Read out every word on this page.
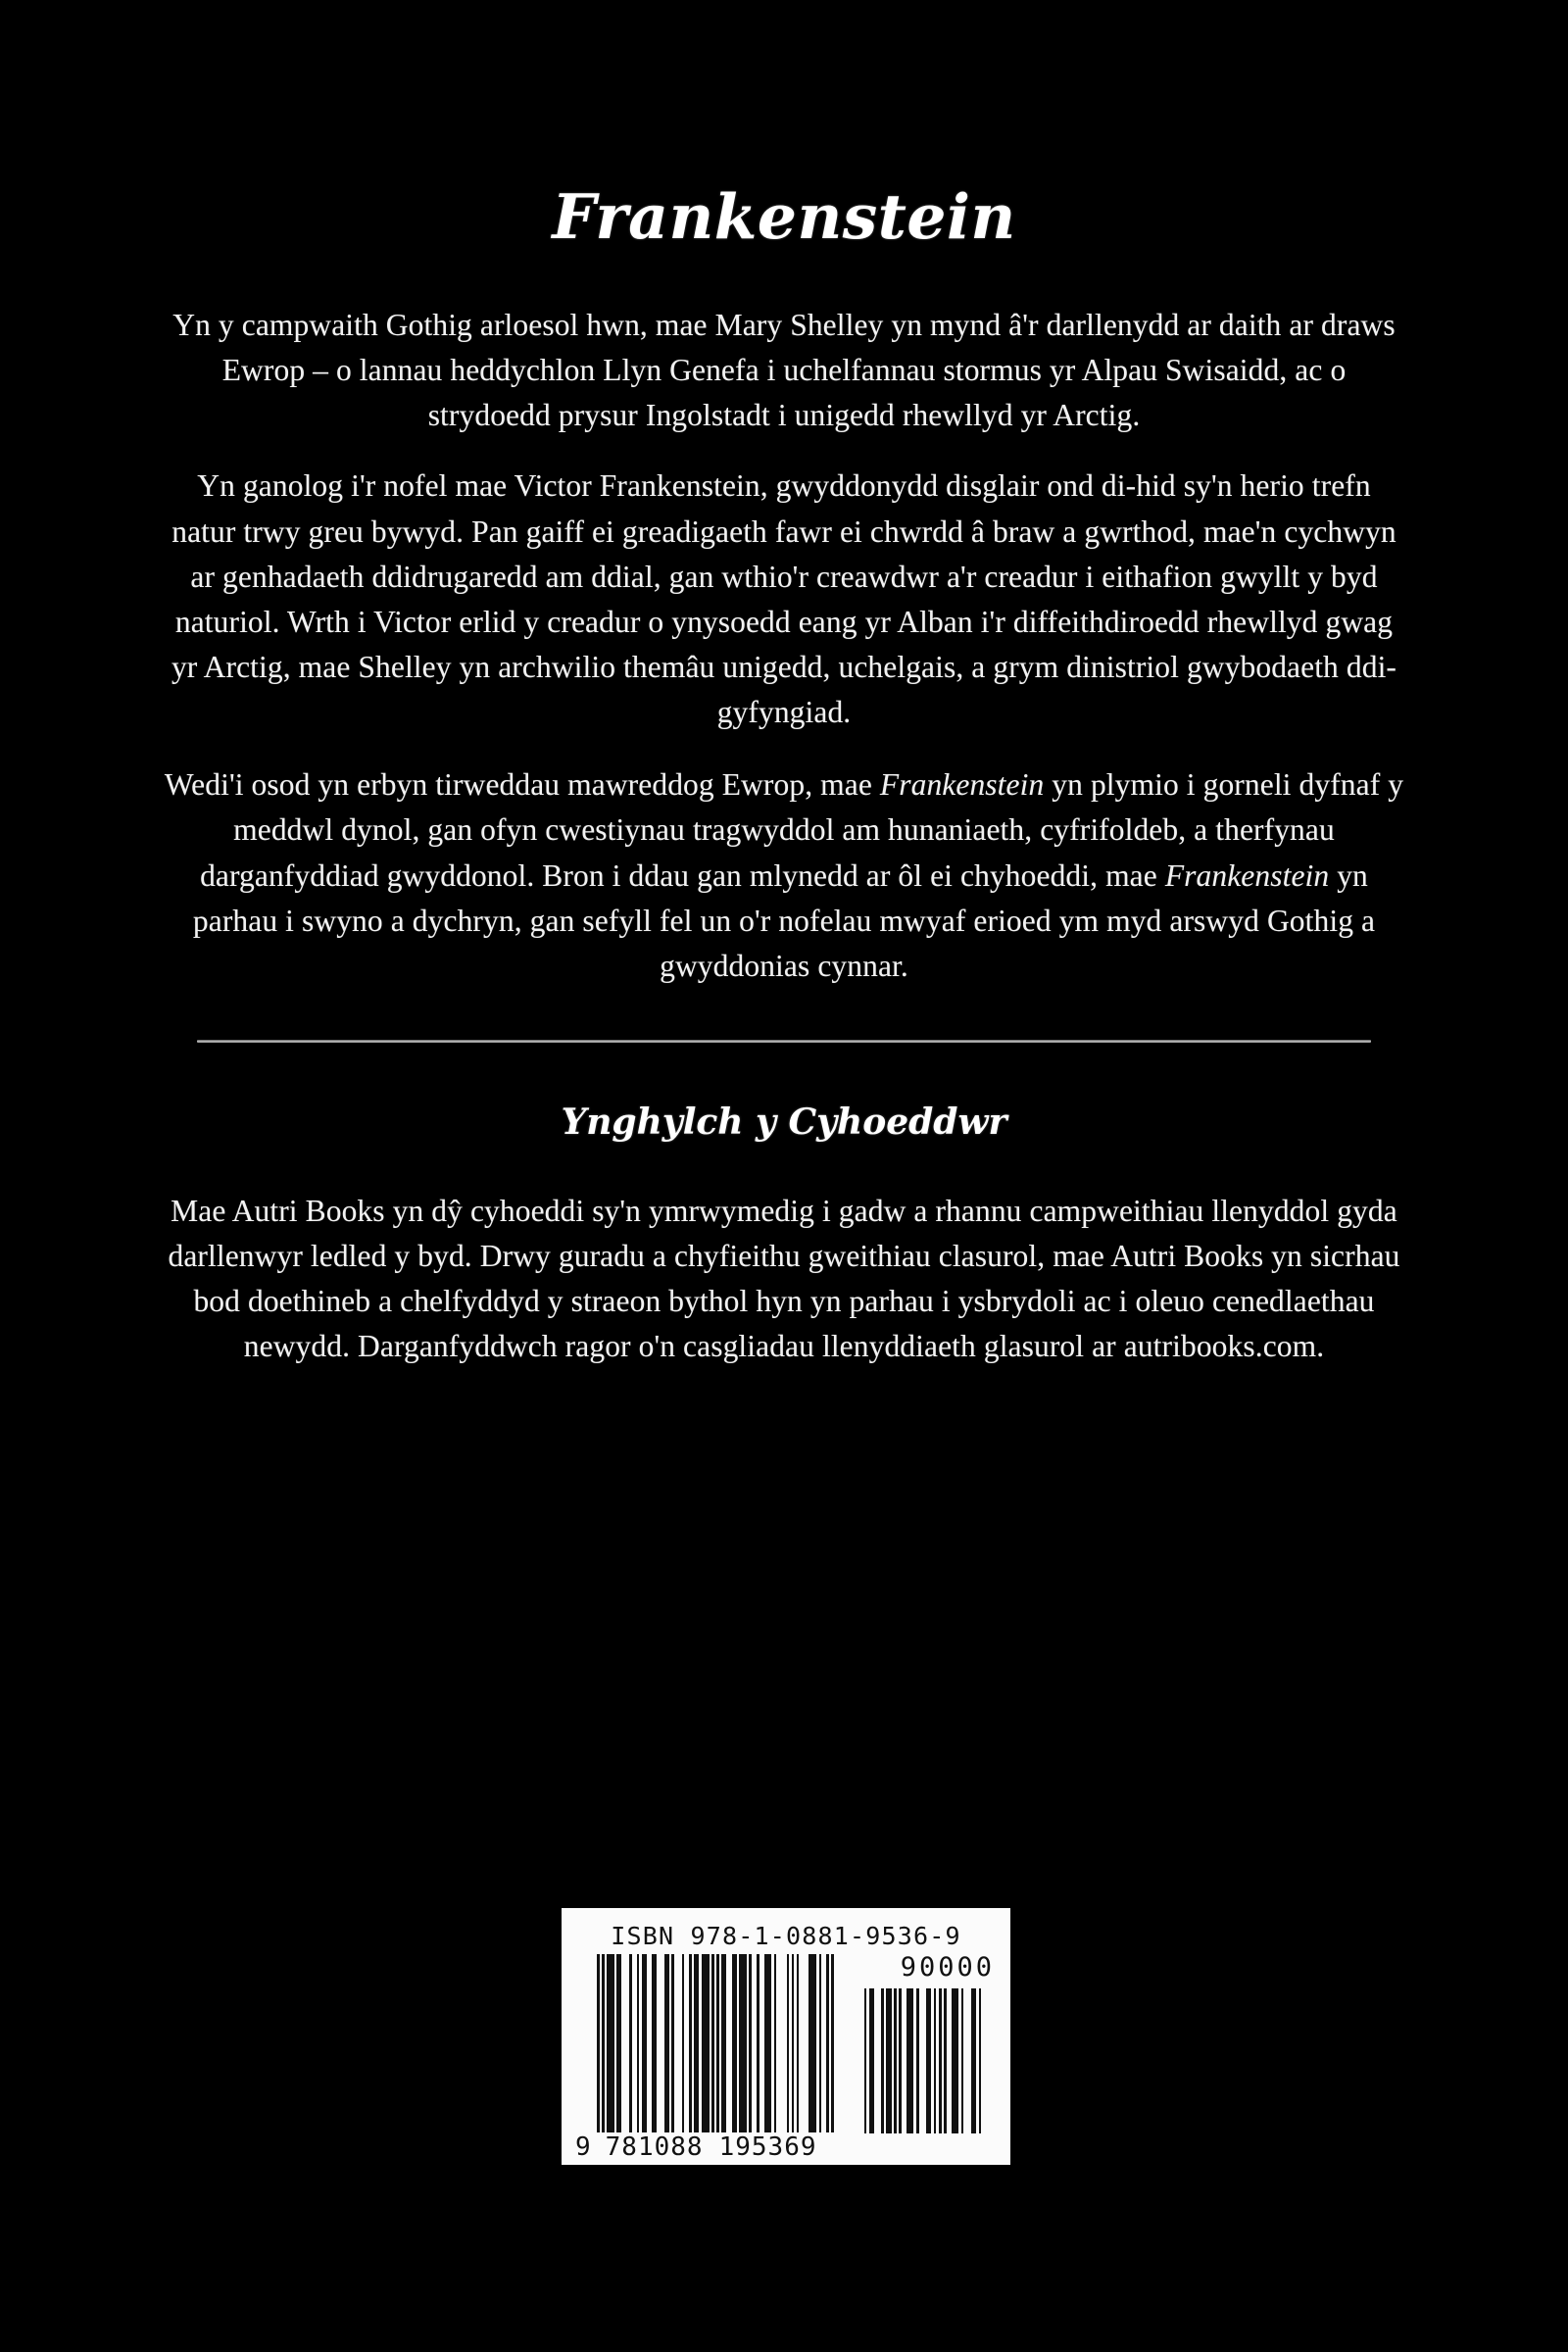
Frankenstein

Yn y campwaith Gothig arloesol hwn, mae Mary Shelley yn mynd â'r darllenydd ar daith ar draws Ewrop – o lannau heddychlon Llyn Genefa i uchelfannau stormus yr Alpau Swisaidd, ac o strydoedd prysur Ingolstadt i unigedd rhewllyd yr Arctig.

Yn ganolog i'r nofel mae Victor Frankenstein, gwyddonydd disglair ond di-hid sy'n herio trefn natur trwy greu bywyd. Pan gaiff ei greadigaeth fawr ei chwrdd â braw a gwrthod, mae'n cychwyn ar genhadaeth ddidrugaredd am ddial, gan wthio'r creawdwr a'r creadur i eithafion gwyllt y byd naturiol. Wrth i Victor erlid y creadur o ynysoedd eang yr Alban i'r diffeithdiroedd rhewllyd gwag yr Arctig, mae Shelley yn archwilio themâu unigedd, uchelgais, a grym dinistriol gwybodaeth ddi-gyfyngiad.

Wedi'i osod yn erbyn tirweddau mawreddog Ewrop, mae Frankenstein yn plymio i gorneli dyfnaf y meddwl dynol, gan ofyn cwestiynau tragwyddol am hunaniaeth, cyfrifoldeb, a therfynau darganfyddiad gwyddonol. Bron i ddau gan mlynedd ar ôl ei chyhoeddi, mae Frankenstein yn parhau i swyno a dychryn, gan sefyll fel un o'r nofelau mwyaf erioed ym myd arswyd Gothig a gwyddonias cynnar.

Ynghylch y Cyhoeddwr

Mae Autri Books yn dŷ cyhoeddi sy'n ymrwymedig i gadw a rhannu campweithiau llenyddol gyda darllenwyr ledled y byd. Drwy guradu a chyfieithu gweithiau clasurol, mae Autri Books yn sicrhau bod doethineb a chelfyddyd y straeon bythol hyn yn parhau i ysbrydoli ac i oleuo cenedlaethau newydd. Darganfyddwch ragor o'n casgliadau llenyddiaeth glasurol ar autribooks.com.

ISBN 978-1-0881-9536-9
9 781088 195369
90000
